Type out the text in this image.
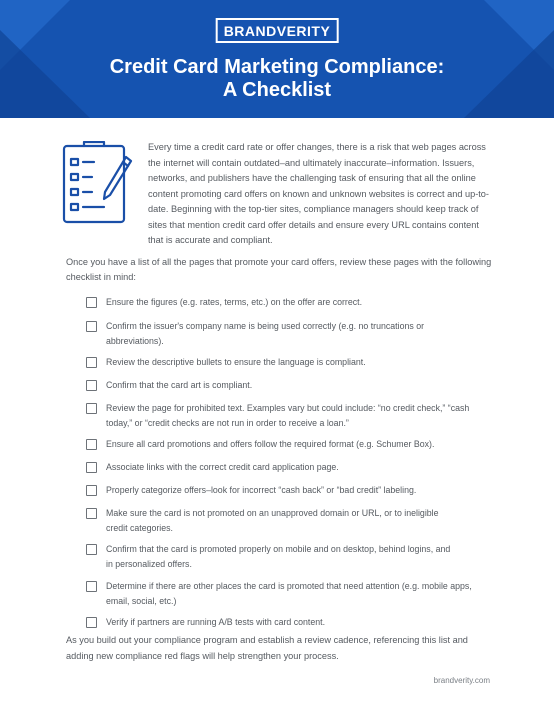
BRANDVERITY
Credit Card Marketing Compliance:
A Checklist
Every time a credit card rate or offer changes, there is a risk that web pages across the internet will contain outdated–and ultimately inaccurate–information. Issuers, networks, and publishers have the challenging task of ensuring that all the online content promoting card offers on known and unknown websites is correct and up-to-date. Beginning with the top-tier sites, compliance managers should keep track of sites that mention credit card offer details and ensure every URL contains content that is accurate and compliant.
Once you have a list of all the pages that promote your card offers, review these pages with the following checklist in mind:
Ensure the figures (e.g. rates, terms, etc.) on the offer are correct.
Confirm the issuer's company name is being used correctly (e.g. no truncations or abbreviations).
Review the descriptive bullets to ensure the language is compliant.
Confirm that the card art is compliant.
Review the page for prohibited text. Examples vary but could include: “no credit check,” “cash today,” or “credit checks are not run in order to receive a loan.”
Ensure all card promotions and offers follow the required format (e.g. Schumer Box).
Associate links with the correct credit card application page.
Properly categorize offers–look for incorrect “cash back” or “bad credit” labeling.
Make sure the card is not promoted on an unapproved domain or URL, or to ineligible credit categories.
Confirm that the card is promoted properly on mobile and on desktop, behind logins, and in personalized offers.
Determine if there are other places the card is promoted that need attention (e.g. mobile apps, email, social, etc.)
Verify if partners are running A/B tests with card content.
As you build out your compliance program and establish a review cadence, referencing this list and adding new compliance red flags will help strengthen your process.
brandverity.com
